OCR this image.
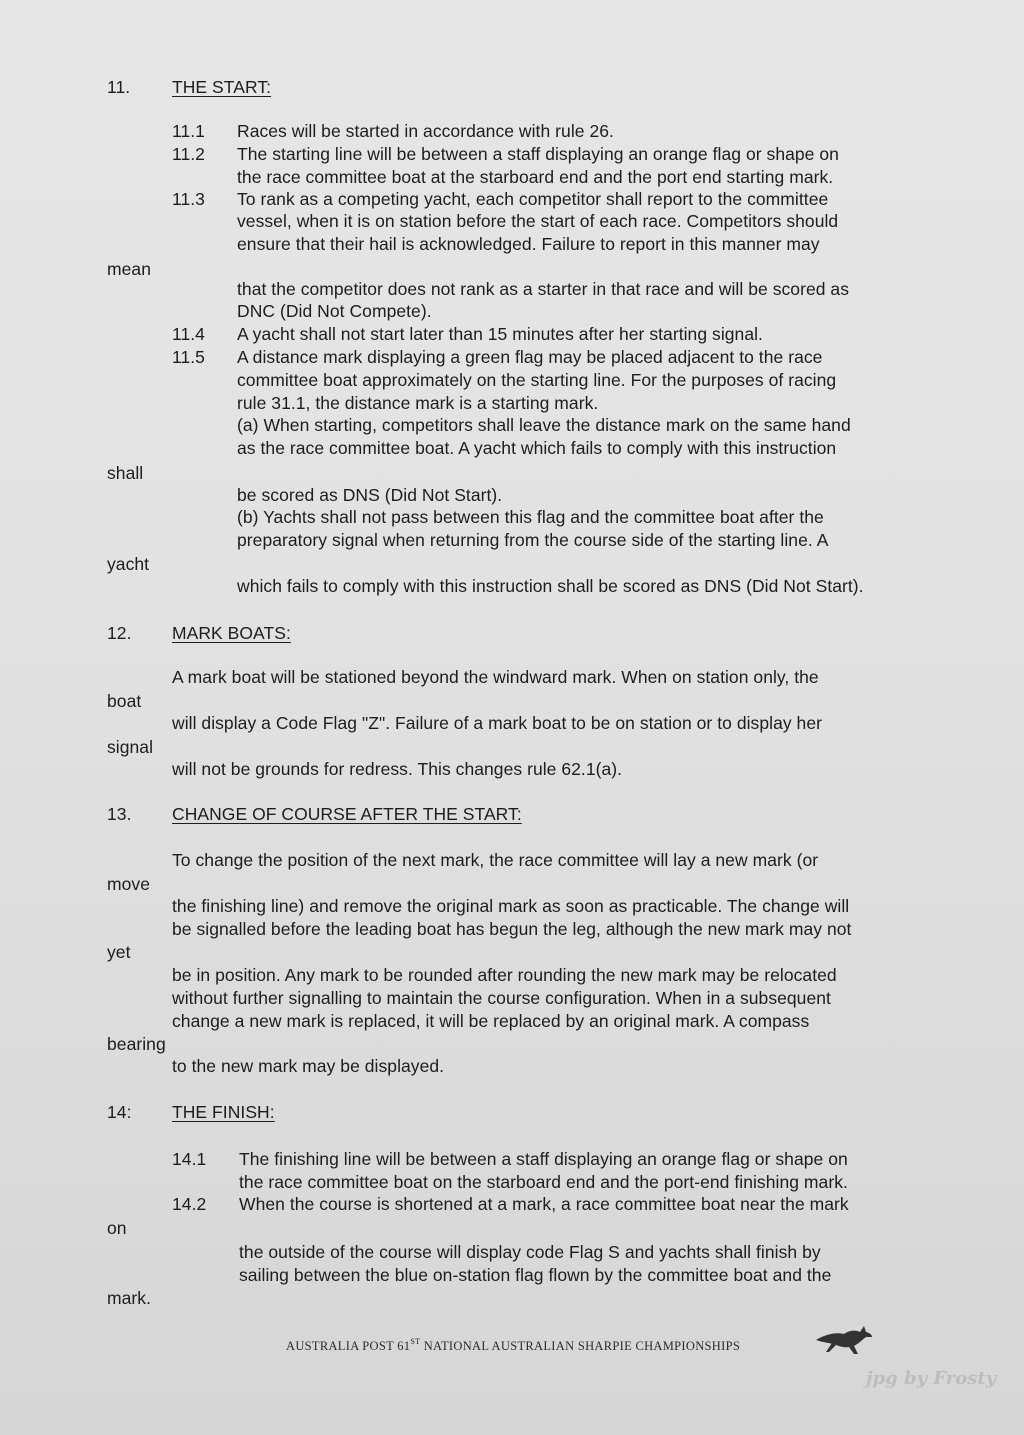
11. THE START:
11.1 Races will be started in accordance with rule 26.
11.2 The starting line will be between a staff displaying an orange flag or shape on
the race committee boat at the starboard end and the port end starting mark.
11.3 To rank as a competing yacht, each competitor shall report to the committee
vessel, when it is on station before the start of each race. Competitors should
ensure that their hail is acknowledged. Failure to report in this manner may
mean
that the competitor does not rank as a starter in that race and will be scored as
DNC (Did Not Compete).
11.4 A yacht shall not start later than 15 minutes after her starting signal.
11.5 A distance mark displaying a green flag may be placed adjacent to the race
committee boat approximately on the starting line. For the purposes of racing
rule 31.1, the distance mark is a starting mark.
(a) When starting, competitors shall leave the distance mark on the same hand
as the race committee boat. A yacht which fails to comply with this instruction
shall
be scored as DNS (Did Not Start).
(b) Yachts shall not pass between this flag and the committee boat after the
preparatory signal when returning from the course side of the starting line. A
yacht
which fails to comply with this instruction shall be scored as DNS (Did Not Start).
12. MARK BOATS:
A mark boat will be stationed beyond the windward mark. When on station only, the
boat
will display a Code Flag "Z". Failure of a mark boat to be on station or to display her
signal
will not be grounds for redress. This changes rule 62.1(a).
13. CHANGE OF COURSE AFTER THE START:
To change the position of the next mark, the race committee will lay a new mark (or
move
the finishing line) and remove the original mark as soon as practicable. The change will
be signalled before the leading boat has begun the leg, although the new mark may not
yet
be in position. Any mark to be rounded after rounding the new mark may be relocated
without further signalling to maintain the course configuration. When in a subsequent
change a new mark is replaced, it will be replaced by an original mark. A compass
bearing
to the new mark may be displayed.
14: THE FINISH:
14.1 The finishing line will be between a staff displaying an orange flag or shape on
the race committee boat on the starboard end and the port-end finishing mark.
14.2 When the course is shortened at a mark, a race committee boat near the mark
on
the outside of the course will display code Flag S and yachts shall finish by
sailing between the blue on-station flag flown by the committee boat and the
mark.
AUSTRALIA POST 61ST NATIONAL AUSTRALIAN SHARPIE CHAMPIONSHIPS
jpg by Frosty
